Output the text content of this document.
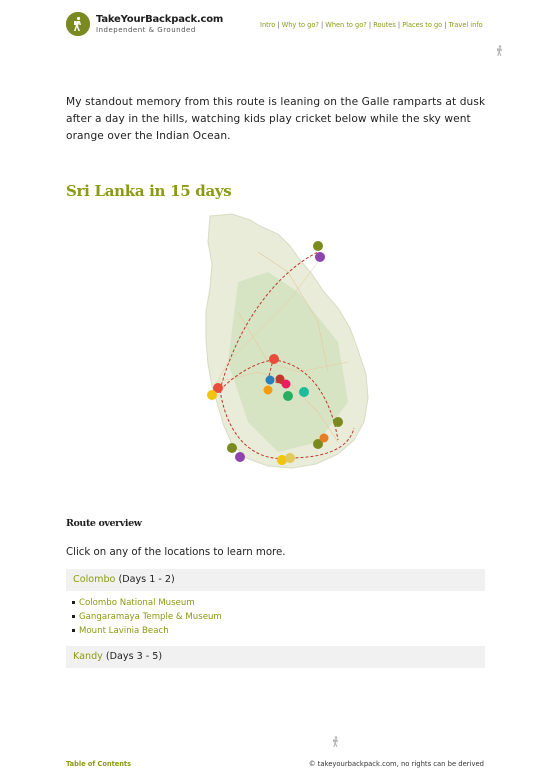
TakeYourBackpack.com
Independent & Grounded
Intro | Why to go? | When to go? | Routes | Places to go | Travel info

My standout memory from this route is leaning on the Galle ramparts at dusk after a day in the hills, watching kids play cricket below while the sky went orange over the Indian Ocean.

Sri Lanka in 15 days
Route overview

Click on any of the locations to learn more.

Colombo (Days 1 - 2)
Colombo National Museum
Gangaramaya Temple & Museum
Mount Lavinia Beach
Kandy (Days 3 - 5)
Table of Contents	© takeyourbackpack.com, no rights can be derived
